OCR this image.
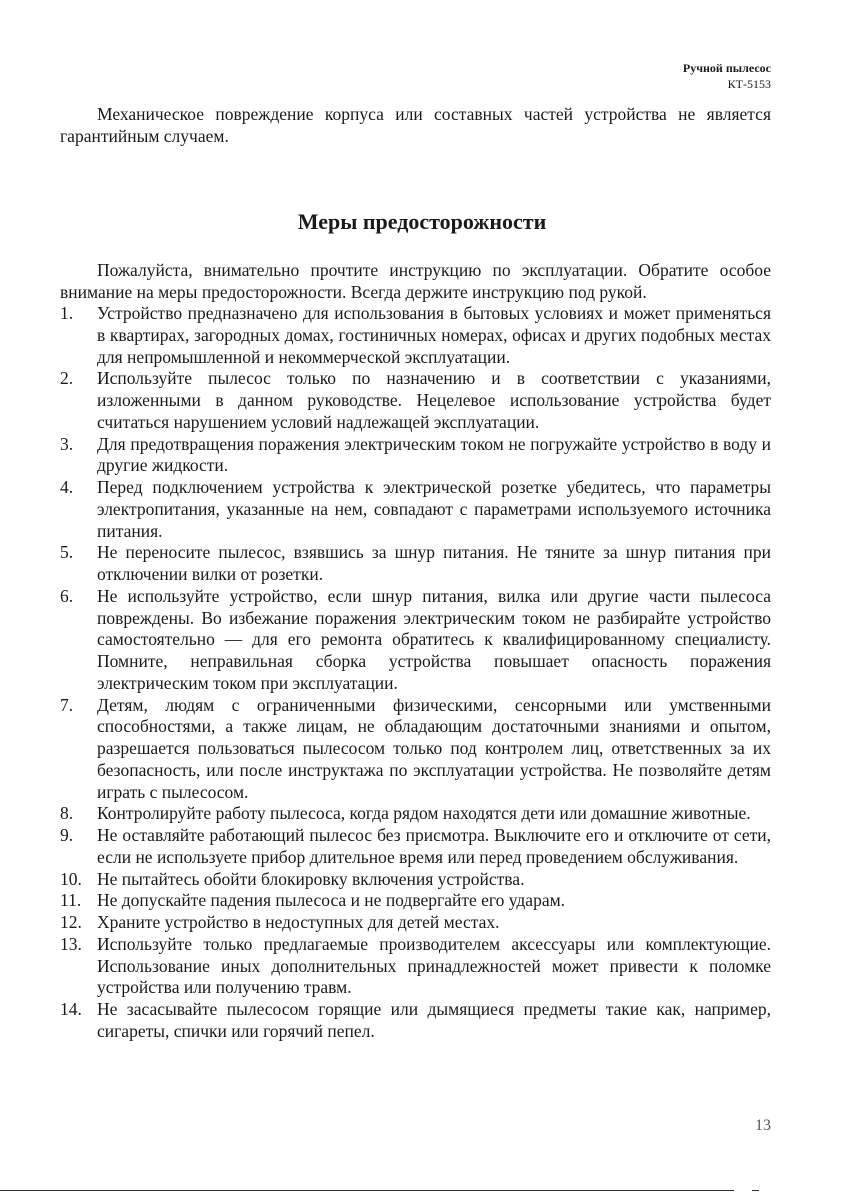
Ручной пылесос
КТ-5153

Механическое повреждение корпуса или составных частей устройства не является гарантийным случаем.

Меры предосторожности

Пожалуйста, внимательно прочтите инструкцию по эксплуатации. Обратите особое внимание на меры предосторожности. Всегда держите инструкцию под рукой.

1.	Устройство предназначено для использования в бытовых условиях и может применяться в квартирах, загородных домах, гостиничных номерах, офисах и других подобных местах для непромышленной и некоммерческой эксплуатации.
2.	Используйте пылесос только по назначению и в соответствии с указаниями, изложенными в данном руководстве. Нецелевое использование устройства будет считаться нарушением условий надлежащей эксплуатации.
3.	Для предотвращения поражения электрическим током не погружайте устройство в воду и другие жидкости.
4.	Перед подключением устройства к электрической розетке убедитесь, что параметры электропитания, указанные на нем, совпадают с параметрами используемого источника питания.
5.	Не переносите пылесос, взявшись за шнур питания. Не тяните за шнур питания при отключении вилки от розетки.
6.	Не используйте устройство, если шнур питания, вилка или другие части пылесоса повреждены. Во избежание поражения электрическим током не разбирайте устройство самостоятельно — для его ремонта обратитесь к квалифицированному специалисту. Помните, неправильная сборка устройства повышает опасность поражения электрическим током при эксплуатации.
7.	Детям, людям с ограниченными физическими, сенсорными или умственными способностями, а также лицам, не обладающим достаточными знаниями и опытом, разрешается пользоваться пылесосом только под контролем лиц, ответственных за их безопасность, или после инструктажа по эксплуатации устройства. Не позволяйте детям играть с пылесосом.
8.	Контролируйте работу пылесоса, когда рядом находятся дети или домашние животные.
9.	Не оставляйте работающий пылесос без присмотра. Выключите его и отключите от сети, если не используете прибор длительное время или перед проведением обслуживания.
10. Не пытайтесь обойти блокировку включения устройства.
11. Не допускайте падения пылесоса и не подвергайте его ударам.
12. Храните устройство в недоступных для детей местах.
13. Используйте только предлагаемые производителем аксессуары или комплектующие. Использование иных дополнительных принадлежностей может привести к поломке устройства или получению травм.
14. Не засасывайте пылесосом горящие или дымящиеся предметы такие как, например, сигареты, спички или горячий пепел.
13
